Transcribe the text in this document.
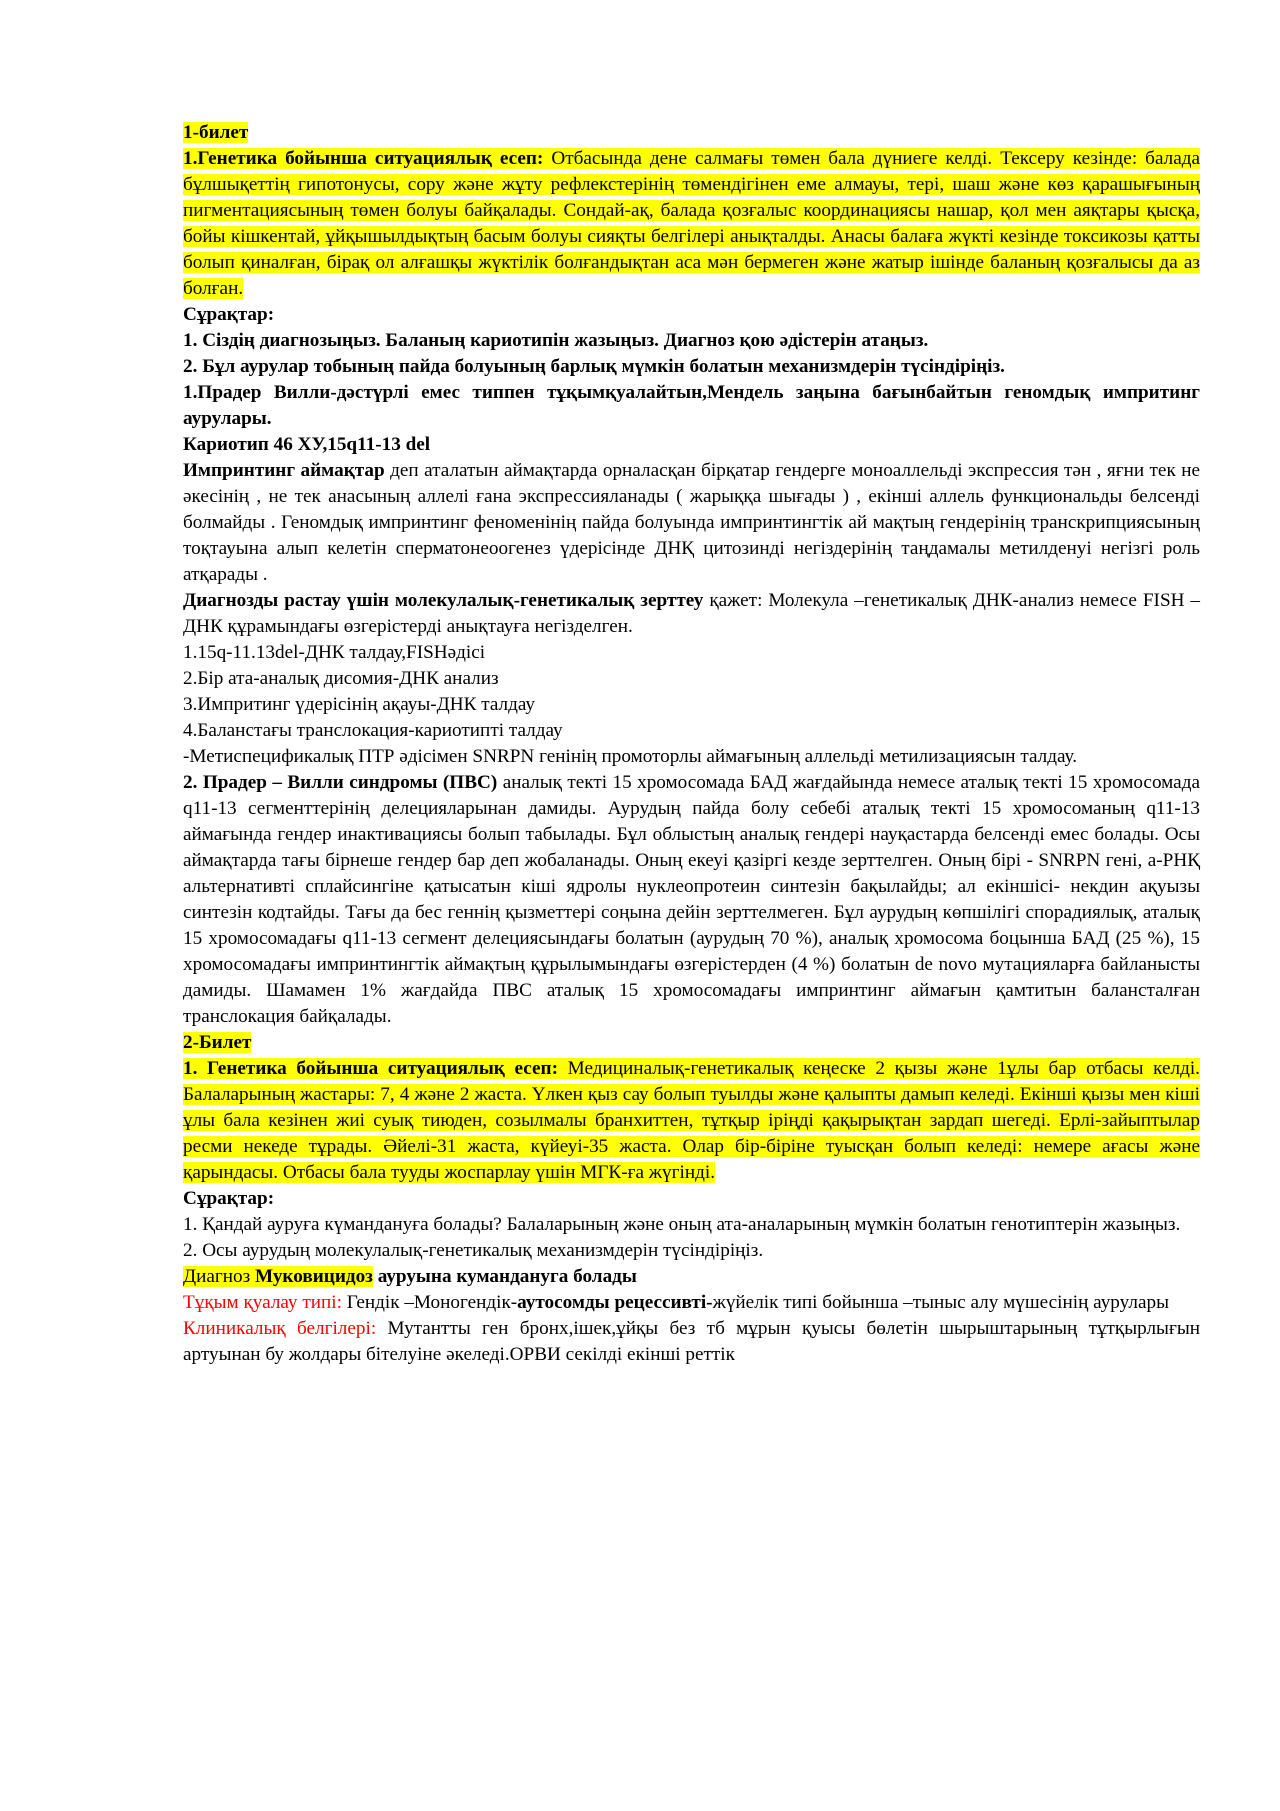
1-билет

1.Генетика бойынша ситуациялық есеп: Отбасында дене салмағы төмен бала дүниеге келді. Тексеру кезінде: балада бұлшықеттің гипотонусы, сору және жұту рефлекстерінің төмендігінен еме алмауы, тері, шаш және көз қарашығының пигментациясының төмен болуы байқалады. Сондай-ақ, балада қозғалыс координациясы нашар, қол мен аяқтары қысқа, бойы кішкентай, ұйқышылдықтың басым болуы сияқты белгілері анықталды. Анасы балаға жүкті кезінде токсикозы қатты болып қиналған, бірақ ол алғашқы жүктілік болғандықтан аса мән бермеген және жатыр ішінде баланың қозғалысы да аз болған.

Сұрақтар:

1. Сіздің диагнозыңыз. Баланың кариотипін жазыңыз. Диагноз қою әдістерін атаңыз.

2. Бұл аурулар тобының пайда болуының барлық мүмкін болатын механизмдерін түсіндіріңіз.

1.Прадер Вилли-дәстүрлі емес типпен тұқымқуалайтын,Мендель заңына бағынбайтын геномдық импритинг аурулары.

Кариотип 46 ХУ,15q11-13 del

Импринтинг аймақтар деп аталатын аймақтарда орналасқан бірқатар гендерге моноаллельді экспрессия тән , яғни тек не әкесінің , не тек анасының аллелі ғана экспрессияланады ( жарыққа шығады ) , екінші аллель функциональды белсенді болмайды . Геномдық импринтинг феноменінің пайда болуында импринтингтік ай мақтың гендерінің транскрипциясының тоқтауына алып келетін сперматонеоогенез үдерісінде ДНҚ цитозинді негіздерінің таңдамалы метилденуі негізгі роль атқарады .

Диагнозды растау үшін молекулалық-генетикалық зерттеу қажет: Молекула –генетикалық ДНК-анализ немесе FISH –ДНК құрамындағы өзгерістерді анықтауға негізделген.

1.15q-11.13del-ДНК талдау,FISHәдісі

2.Бір ата-аналық дисомия-ДНК анализ

3.Импритинг үдерісінің ақауы-ДНК талдау

4.Баланстағы транслокация-кариотипті талдау

-Метиспецификалық ПТР әдісімен SNRPN генінің промоторлы аймағының аллельді метилизациясын талдау.

2. Прадер – Вилли синдромы (ПВС) аналық текті 15 хромосомада БАД жағдайында немесе аталық текті 15 хромосомада q11-13 сегменттерінің делецияларынан дамиды. Аурудың пайда болу себебі аталық текті 15 хромосоманың q11-13 аймағында гендер инактивациясы болып табылады. Бұл облыстың аналық гендері науқастарда белсенді емес болады. Осы аймақтарда тағы бірнеше гендер бар деп жобаланады. Оның екеуі қазіргі кезде зерттелген. Оның бірі - SNRPN гені, а-РНҚ альтернативті сплайсингіне қатысатын кіші ядролы нуклеопротеин синтезін бақылайды; ал екіншісі- некдин ақуызы синтезін кодтайды. Тағы да бес геннің қызметтері соңына дейін зерттелмеген. Бұл аурудың көпшілігі спорадиялық, аталық 15 хромосомадағы q11-13 сегмент делециясындағы болатын (аурудың 70 %), аналық хромосома боцынша БАД (25 %), 15 хромосомадағы импринтингтік аймақтың құрылымындағы өзгерістерден (4 %) болатын de novo мутацияларға байланысты дамиды. Шамамен 1% жағдайда ПВС аталық 15 хромосомадағы импринтинг аймағын қамтитын балансталған транслокация байқалады.

2-Билет

1. Генетика бойынша ситуациялық есеп: Медициналық-генетикалық кеңеске 2 қызы және 1ұлы бар отбасы келді. Балаларының жастары: 7, 4 және 2 жаста. Үлкен қыз сау болып туылды және қалыпты дамып келеді. Екінші қызы мен кіші ұлы бала кезінен жиі суық тиюден, созылмалы бранхиттен, тұтқыр іріңді қақырықтан зардап шегеді. Ерлі-зайыптылар ресми некеде тұрады. Әйелі-31 жаста, күйеуі-35 жаста. Олар бір-біріне туысқан болып келеді: немере ағасы және қарындасы. Отбасы бала тууды жоспарлау үшін МГК-ға жүгінді.

Сұрақтар:

1. Қандай ауруға күмандануға болады? Балаларының және оның ата-аналарының мүмкін болатын генотиптерін жазыңыз.

2. Осы аурудың молекулалық-генетикалық механизмдерін түсіндіріңіз.

Диагноз Муковицидоз ауруына куманданугa болады

Тұқым қуалау типі: Гендік –Моногендік-аутосомды рецессивті-жүйелік типі бойынша –тыныс алу мүшесінің аурулары

Клиникалық белгілері: Мутантты ген бронх,ішек,ұйқы без тб мұрын қуысы бөлетін шырыштарының тұтқырлығын артуынан бу жолдары бітелуіне әкеледі.ОРВИ секілді екінші реттік
